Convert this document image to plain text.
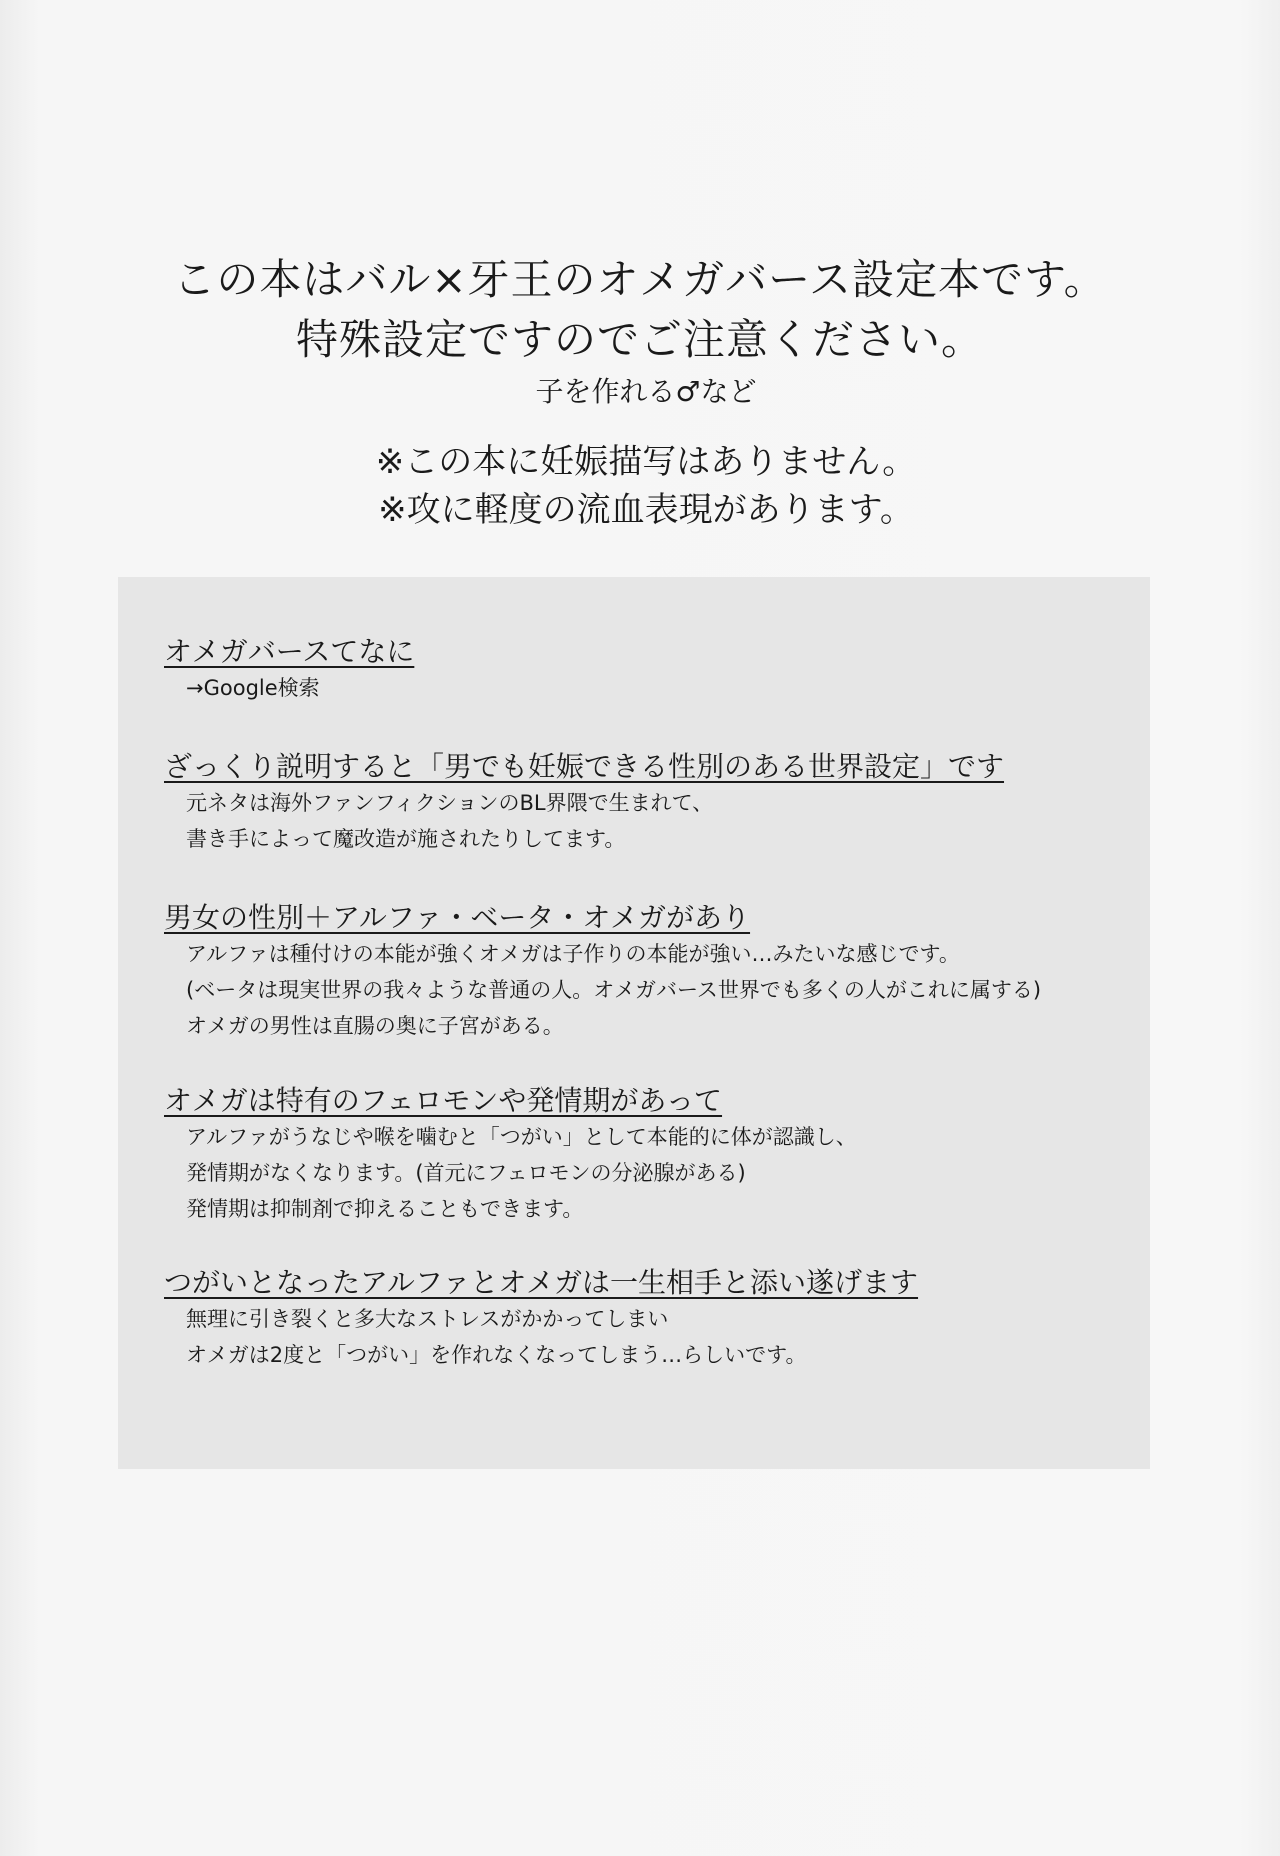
この本はバル×牙王のオメガバース設定本です。

特殊設定ですのでご注意ください。

子を作れる♂など

※この本に妊娠描写はありません。

※攻に軽度の流血表現があります。

オメガバースてなに

→Google検索

ざっくり説明すると「男でも妊娠できる性別のある世界設定」です

元ネタは海外ファンフィクションのBL界隈で生まれて、

書き手によって魔改造が施されたりしてます。

男女の性別＋アルファ・ベータ・オメガがあり

アルファは種付けの本能が強くオメガは子作りの本能が強い…みたいな感じです。

(ベータは現実世界の我々ような普通の人。オメガバース世界でも多くの人がこれに属する)

オメガの男性は直腸の奥に子宮がある。

オメガは特有のフェロモンや発情期があって

アルファがうなじや喉を噛むと「つがい」として本能的に体が認識し、

発情期がなくなります。(首元にフェロモンの分泌腺がある)

発情期は抑制剤で抑えることもできます。

つがいとなったアルファとオメガは一生相手と添い遂げます

無理に引き裂くと多大なストレスがかかってしまい

オメガは2度と「つがい」を作れなくなってしまう…らしいです。
